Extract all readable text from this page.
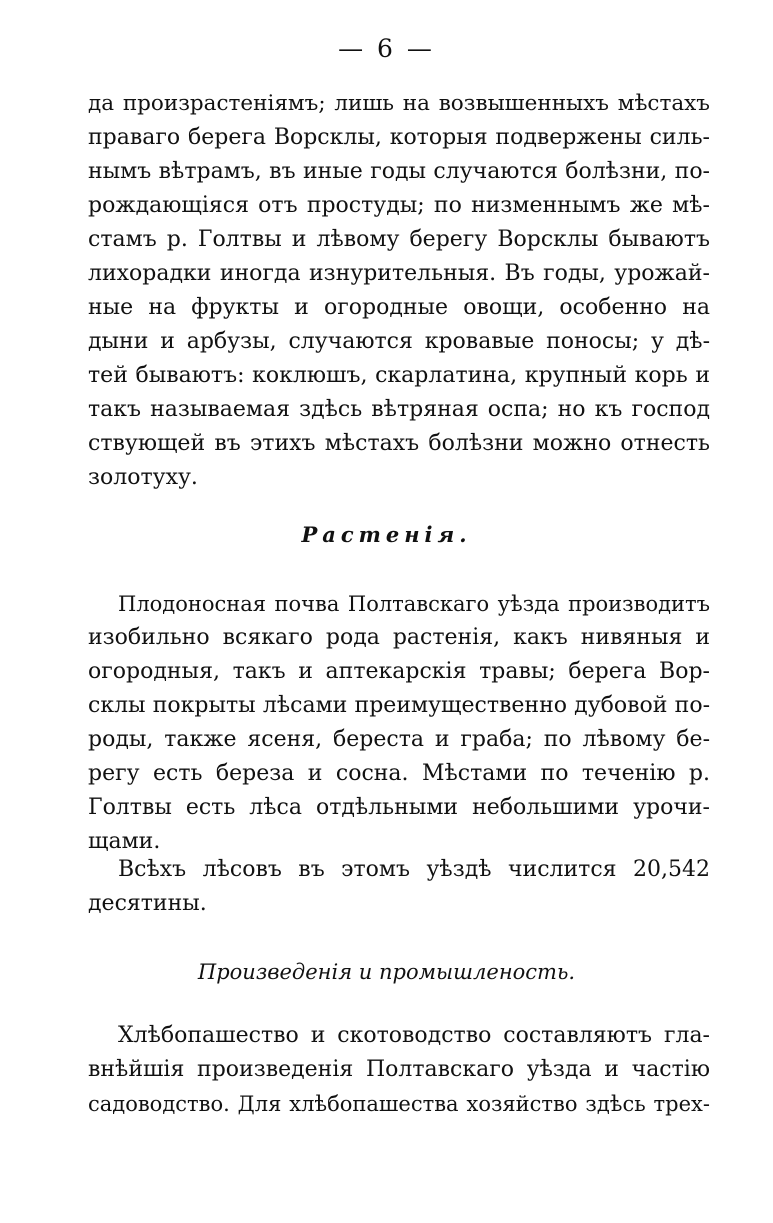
— 6 —
да произрастеніямъ; лишь на возвышенныхъ мѣстахъ
праваго берега Ворсклы, которыя подвержены силь-
нымъ вѣтрамъ, въ иные годы случаются болѣзни, по-
рождающіяся отъ простуды; по низменнымъ же мѣ-
стамъ р. Голтвы и лѣвому берегу Ворсклы бываютъ
лихорадки иногда изнурительныя. Въ годы, урожай-
ные на фрукты и огородные овощи, особенно на
дыни и арбузы, случаются кровавые поносы; у дѣ-
тей бываютъ: коклюшъ, скарлатина, крупный корь и
такъ называемая здѣсь вѣтряная оспа; но къ господ
ствующей въ этихъ мѣстахъ болѣзни можно отнесть
золотуху.
Растенія.
Плодоносная почва Полтавскаго уѣзда производитъ
изобильно всякаго рода растенія, какъ нивяныя и
огородныя, такъ и аптекарскія травы; берега Вор-
склы покрыты лѣсами преимущественно дубовой по-
роды, также ясеня, береста и граба; по лѣвому бе-
регу есть береза и сосна. Мѣстами по теченію р.
Голтвы есть лѣса отдѣльными небольшими урочи-
щами.
Всѣхъ лѣсовъ въ этомъ уѣздѣ числится 20,542
десятины.
Произведенія и промышленость.
Хлѣбопашество и скотоводство составляютъ гла-
внѣйшія произведенія Полтавскаго уѣзда и частію
садоводство. Для хлѣбопашества хозяйство здѣсь трех-
